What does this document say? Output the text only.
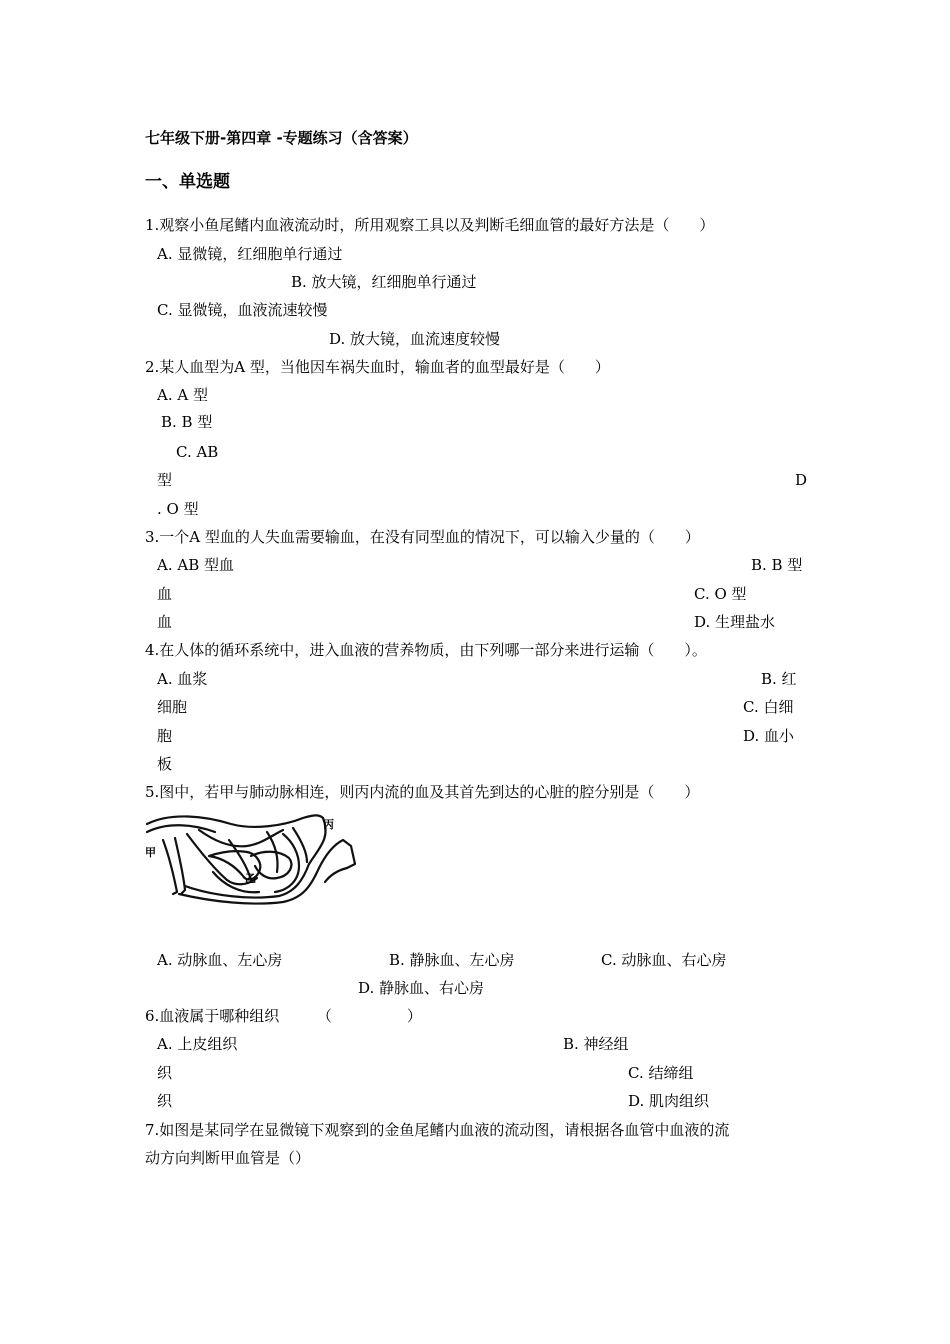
七年级下册-第四章 -专题练习（含答案）
一、单选题
1.观察小鱼尾鳍内血液流动时，所用观察工具以及判断毛细血管的最好方法是（　　）
A. 显微镜，红细胞单行通过
B. 放大镜，红细胞单行通过
C. 显微镜，血液流速较慢
D. 放大镜，血流速度较慢
2.某人血型为A 型，当他因车祸失血时，输血者的血型最好是（　　）
A. A 型
B. B 型
C. AB
型	D
. O 型
3.一个A 型血的人失血需要输血，在没有同型血的情况下，可以输入少量的（　　）
A. AB 型血	B. B 型
血	C. O 型
血	D. 生理盐水
4.在人体的循环系统中，进入血液的营养物质，由下列哪一部分来进行运输（　　）。
A. 血浆	B. 红
细胞	C. 白细
胞	D. 血小
板
5.图中，若甲与肺动脉相连，则丙内流的血及其首先到达的心脏的腔分别是（　　）
甲
乙
丙
A. 动脉血、左心房	B. 静脉血、左心房	C. 动脉血、右心房
D. 静脉血、右心房
6.血液属于哪种组织　　　（　　　　　）
A. 上皮组织	B. 神经组
织	C. 结缔组
织	D. 肌肉组织
7.如图是某同学在显微镜下观察到的金鱼尾鳍内血液的流动图，请根据各血管中血液的流
动方向判断甲血管是（）
